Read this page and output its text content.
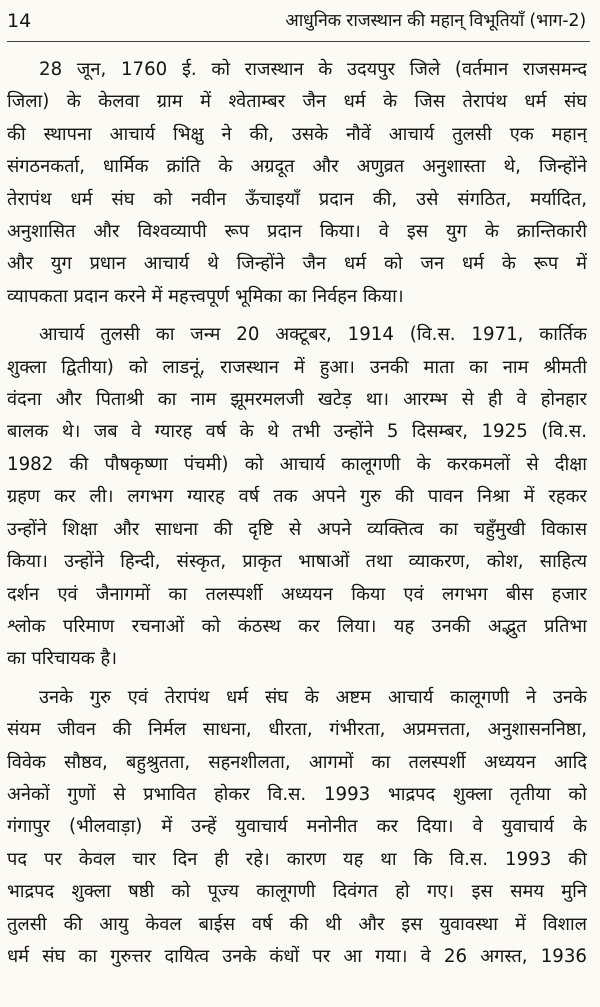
14	आधुनिक राजस्थान की महान् विभूतियाँ (भाग-2)

28 जून, 1760 ई. को राजस्थान के उदयपुर जिले (वर्तमान राजसमन्द
जिला) के केलवा ग्राम में श्वेताम्बर जैन धर्म के जिस तेरापंथ धर्म संघ
की स्थापना आचार्य भिक्षु ने की, उसके नौवें आचार्य तुलसी एक महान्
संगठनकर्ता, धार्मिक क्रांति के अग्रदूत और अणुव्रत अनुशास्ता थे, जिन्होंने
तेरापंथ धर्म संघ को नवीन ऊँचाइयाँ प्रदान की, उसे संगठित, मर्यादित,
अनुशासित और विश्वव्यापी रूप प्रदान किया। वे इस युग के क्रान्तिकारी
और युग प्रधान आचार्य थे जिन्होंने जैन धर्म को जन धर्म के रूप में
व्यापकता प्रदान करने में महत्त्वपूर्ण भूमिका का निर्वहन किया।

आचार्य तुलसी का जन्म 20 अक्टूबर, 1914 (वि.स. 1971, कार्तिक
शुक्ला द्वितीया) को लाडनूं, राजस्थान में हुआ। उनकी माता का नाम श्रीमती
वंदना और पिताश्री का नाम झूमरमलजी खटेड़ था। आरम्भ से ही वे होनहार
बालक थे। जब वे ग्यारह वर्ष के थे तभी उन्होंने 5 दिसम्बर, 1925 (वि.स.
1982 की पौषकृष्णा पंचमी) को आचार्य कालूगणी के करकमलों से दीक्षा
ग्रहण कर ली। लगभग ग्यारह वर्ष तक अपने गुरु की पावन निश्रा में रहकर
उन्होंने शिक्षा और साधना की दृष्टि से अपने व्यक्तित्व का चहुँमुखी विकास
किया। उन्होंने हिन्दी, संस्कृत, प्राकृत भाषाओं तथा व्याकरण, कोश, साहित्य
दर्शन एवं जैनागमों का तलस्पर्शी अध्ययन किया एवं लगभग बीस हजार
श्लोक परिमाण रचनाओं को कंठस्थ कर लिया। यह उनकी अद्भुत प्रतिभा
का परिचायक है।

उनके गुरु एवं तेरापंथ धर्म संघ के अष्टम आचार्य कालूगणी ने उनके
संयम जीवन की निर्मल साधना, धीरता, गंभीरता, अप्रमत्तता, अनुशासननिष्ठा,
विवेक सौष्ठव, बहुश्रुतता, सहनशीलता, आगमों का तलस्पर्शी अध्ययन आदि
अनेकों गुणों से प्रभावित होकर वि.स. 1993 भाद्रपद शुक्ला तृतीया को
गंगापुर (भीलवाड़ा) में उन्हें युवाचार्य मनोनीत कर दिया। वे युवाचार्य के
पद पर केवल चार दिन ही रहे। कारण यह था कि वि.स. 1993 की
भाद्रपद शुक्ला षष्ठी को पूज्य कालूगणी दिवंगत हो गए। इस समय मुनि
तुलसी की आयु केवल बाईस वर्ष की थी और इस युवावस्था में विशाल
धर्म संघ का गुरुत्तर दायित्व उनके कंधों पर आ गया। वे 26 अगस्त, 1936
